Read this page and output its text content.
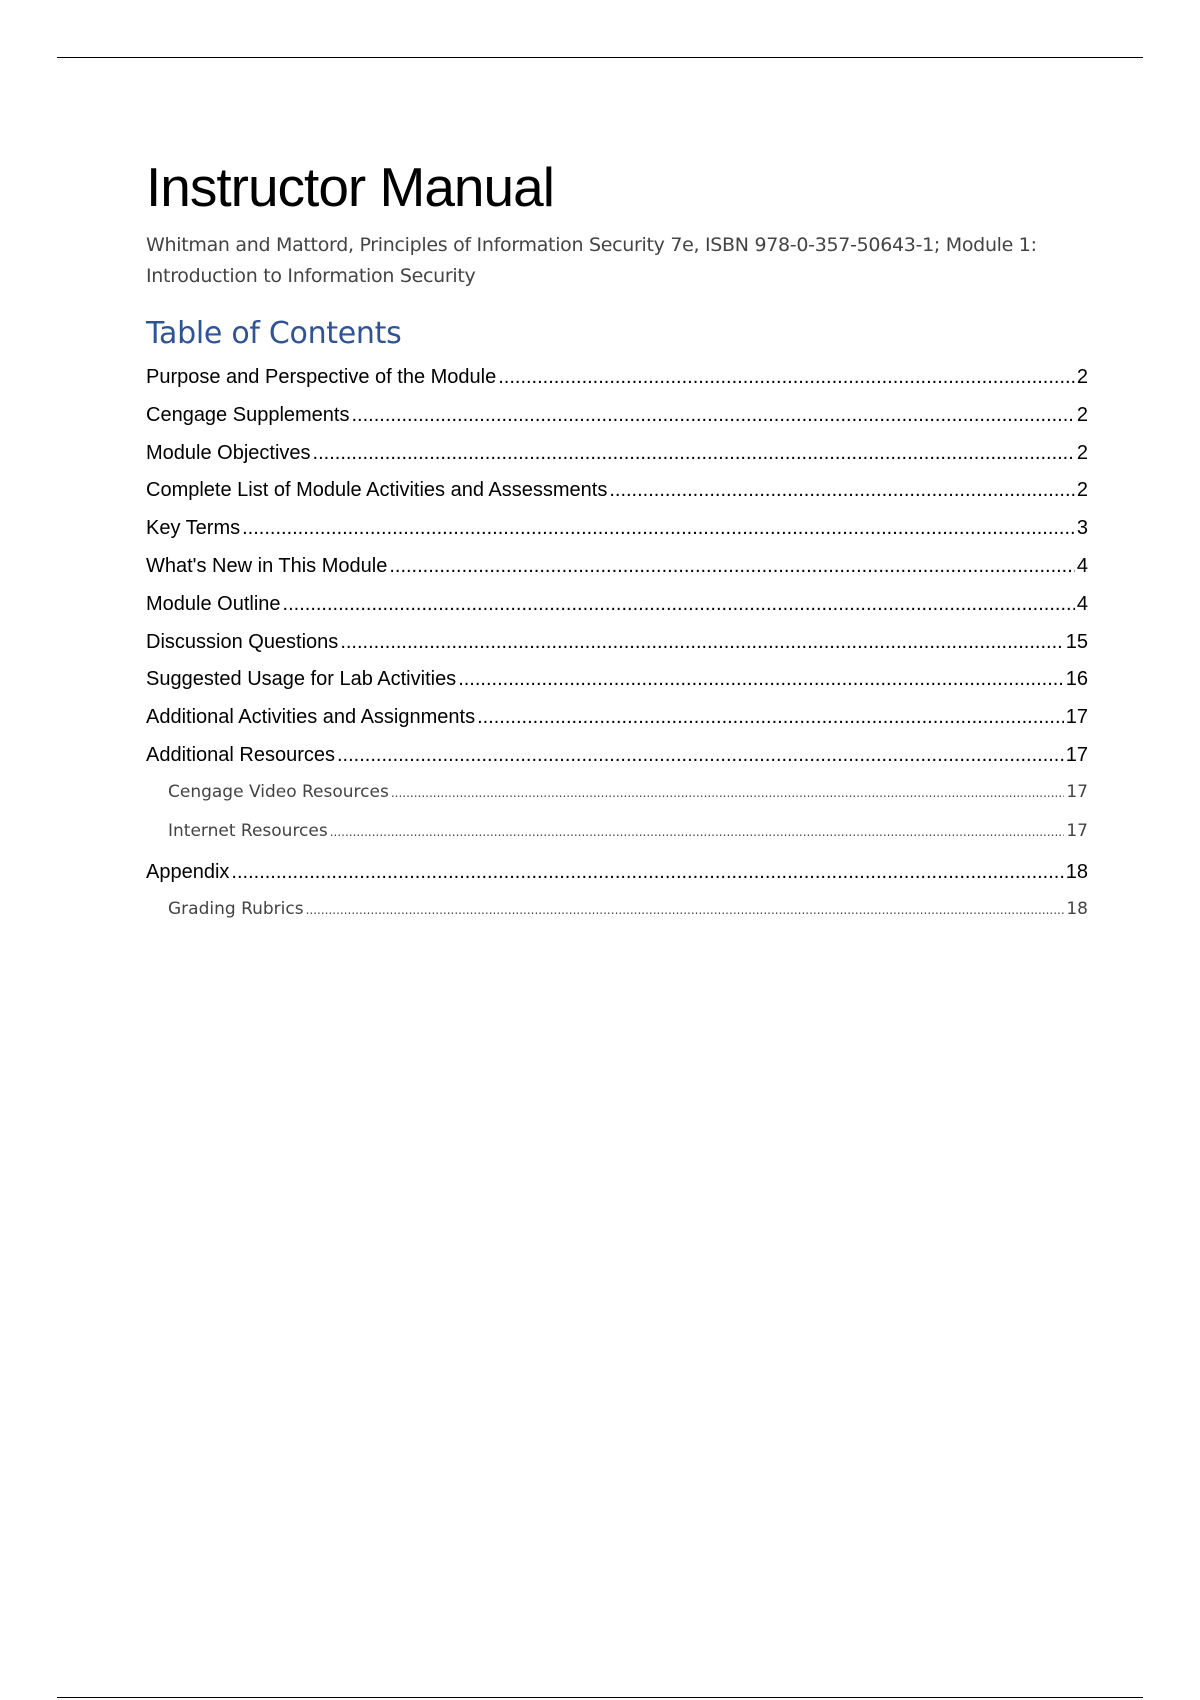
Instructor Manual

Whitman and Mattord, Principles of Information Security 7e, ISBN 978-0-357-50643-1; Module 1: Introduction to Information Security

Table of Contents
Purpose and Perspective of the Module .....	2
Cengage Supplements .....	2
Module Objectives .....	2
Complete List of Module Activities and Assessments .....	2
Key Terms .....	3
What's New in This Module .....	4
Module Outline .....	4
Discussion Questions .....	15
Suggested Usage for Lab Activities .....	16
Additional Activities and Assignments .....	17
Additional Resources .....	17
Cengage Video Resources .....	17
Internet Resources .....	17
Appendix .....	18
Grading Rubrics .....	18
